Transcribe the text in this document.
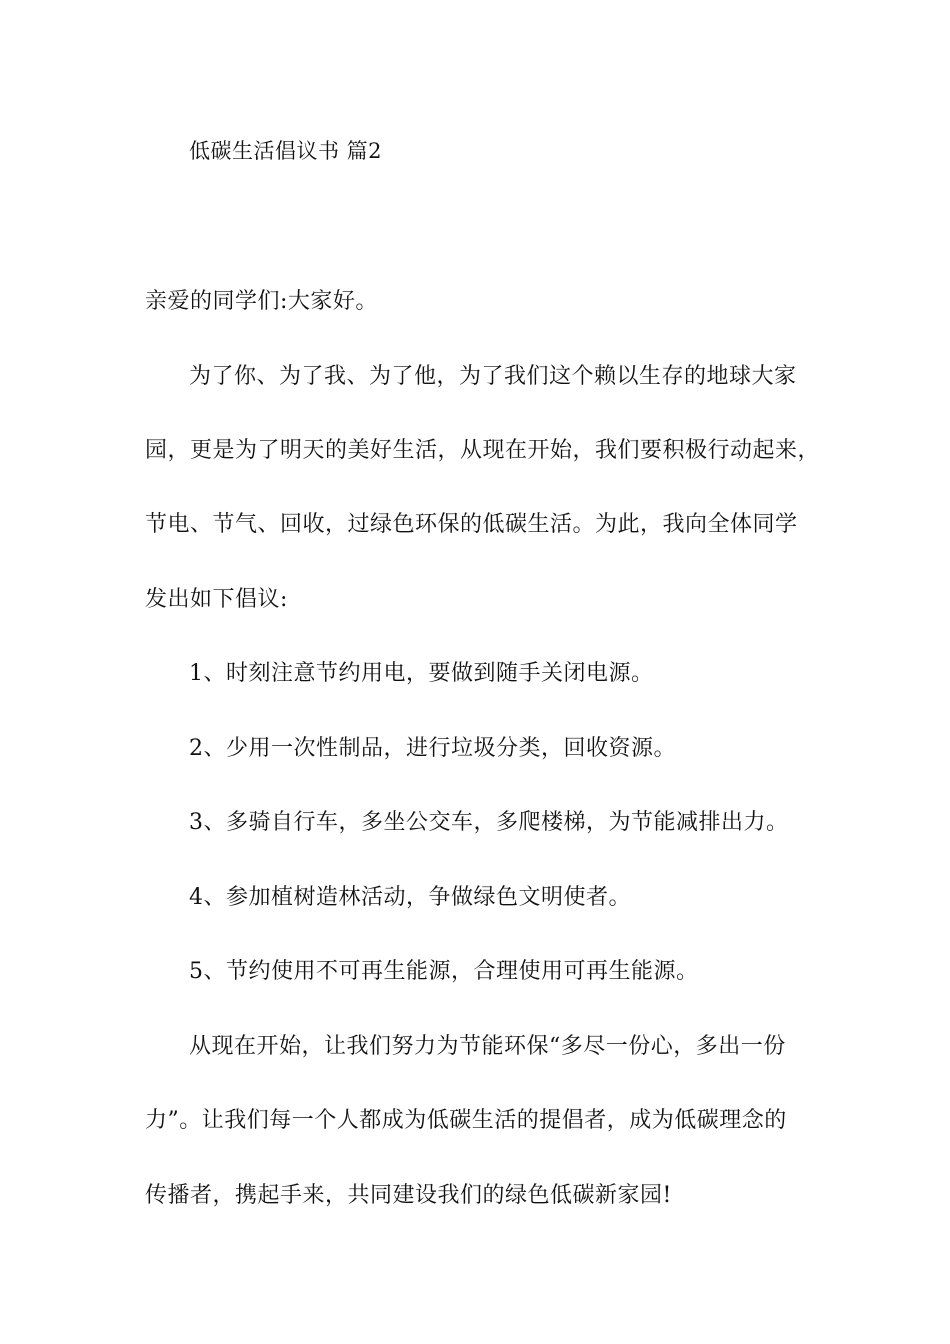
低碳生活倡议书 篇2
亲爱的同学们:大家好。
为了你、为了我、为了他，为了我们这个赖以生存的地球大家
园，更是为了明天的美好生活，从现在开始，我们要积极行动起来，
节电、节气、回收，过绿色环保的低碳生活。为此，我向全体同学
发出如下倡议:
1、时刻注意节约用电，要做到随手关闭电源。
2、少用一次性制品，进行垃圾分类，回收资源。
3、多骑自行车，多坐公交车，多爬楼梯，为节能减排出力。
4、参加植树造林活动，争做绿色文明使者。
5、节约使用不可再生能源，合理使用可再生能源。
从现在开始，让我们努力为节能环保“多尽一份心，多出一份
力”。让我们每一个人都成为低碳生活的提倡者，成为低碳理念的
传播者，携起手来，共同建设我们的绿色低碳新家园!
